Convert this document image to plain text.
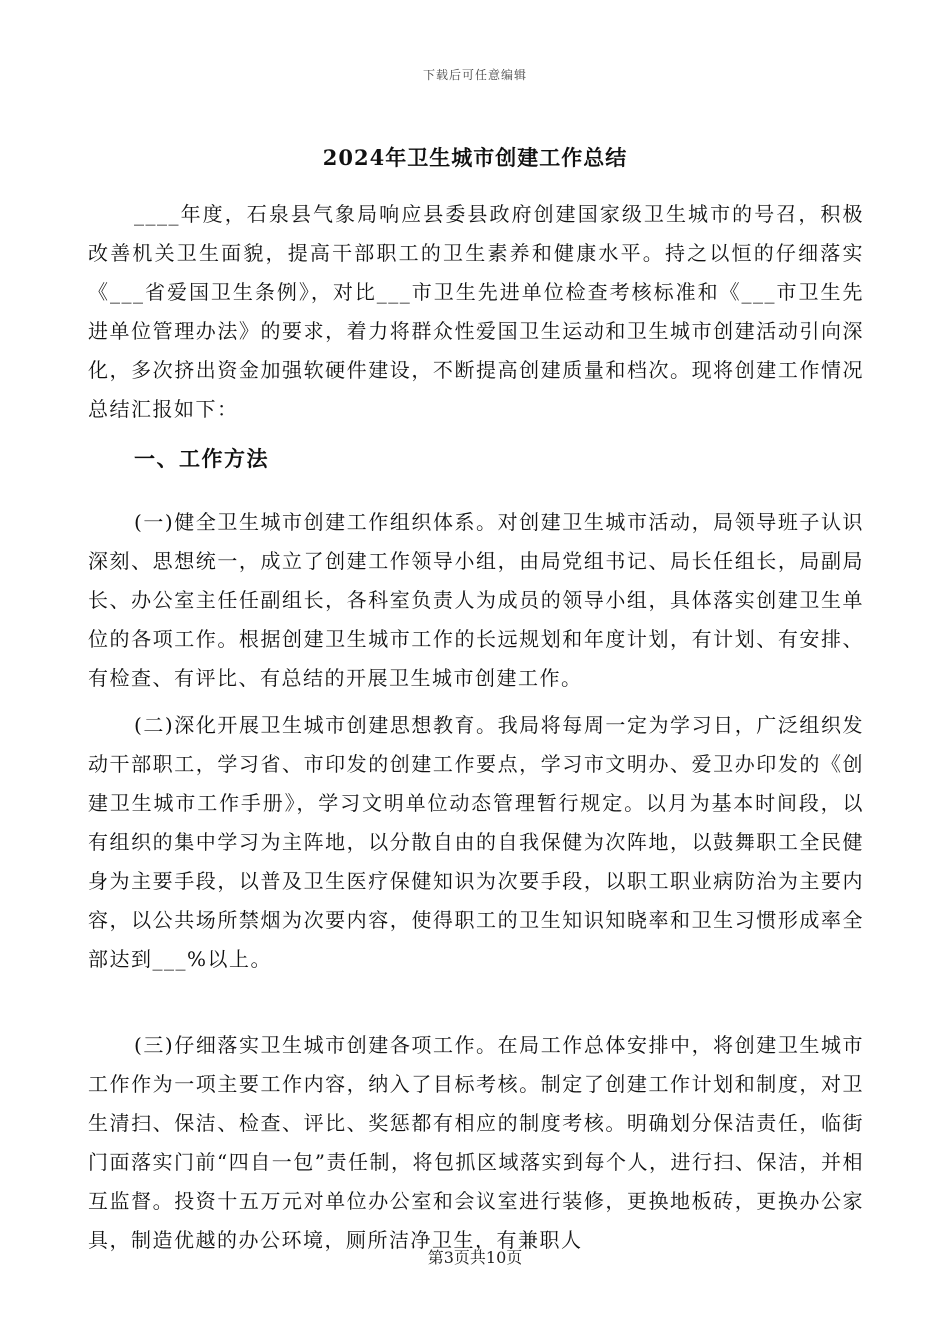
下载后可任意编辑
2024年卫生城市创建工作总结

____年度，石泉县气象局响应县委县政府创建国家级卫生城市的号召，积极改善机关卫生面貌，提高干部职工的卫生素养和健康水平。持之以恒的仔细落实《___省爱国卫生条例》，对比___市卫生先进单位检查考核标准和《___市卫生先进单位管理办法》的要求，着力将群众性爱国卫生运动和卫生城市创建活动引向深化，多次挤出资金加强软硬件建设，不断提高创建质量和档次。现将创建工作情况总结汇报如下：

一、工作方法

(一)健全卫生城市创建工作组织体系。对创建卫生城市活动，局领导班子认识深刻、思想统一，成立了创建工作领导小组，由局党组书记、局长任组长，局副局长、办公室主任任副组长，各科室负责人为成员的领导小组，具体落实创建卫生单位的各项工作。根据创建卫生城市工作的长远规划和年度计划，有计划、有安排、有检查、有评比、有总结的开展卫生城市创建工作。

(二)深化开展卫生城市创建思想教育。我局将每周一定为学习日，广泛组织发动干部职工，学习省、市印发的创建工作要点，学习市文明办、爱卫办印发的《创建卫生城市工作手册》，学习文明单位动态管理暂行规定。以月为基本时间段，以有组织的集中学习为主阵地，以分散自由的自我保健为次阵地，以鼓舞职工全民健身为主要手段，以普及卫生医疗保健知识为次要手段，以职工职业病防治为主要内容，以公共场所禁烟为次要内容，使得职工的卫生知识知晓率和卫生习惯形成率全部达到___%以上。

(三)仔细落实卫生城市创建各项工作。在局工作总体安排中，将创建卫生城市工作作为一项主要工作内容，纳入了目标考核。制定了创建工作计划和制度，对卫生清扫、保洁、检查、评比、奖惩都有相应的制度考核。明确划分保洁责任，临街门面落实门前“四自一包”责任制，将包抓区域落实到每个人，进行扫、保洁，并相互监督。投资十五万元对单位办公室和会议室进行装修，更换地板砖，更换办公家具，制造优越的办公环境，厕所洁净卫生，有兼职人

第3页共10页
